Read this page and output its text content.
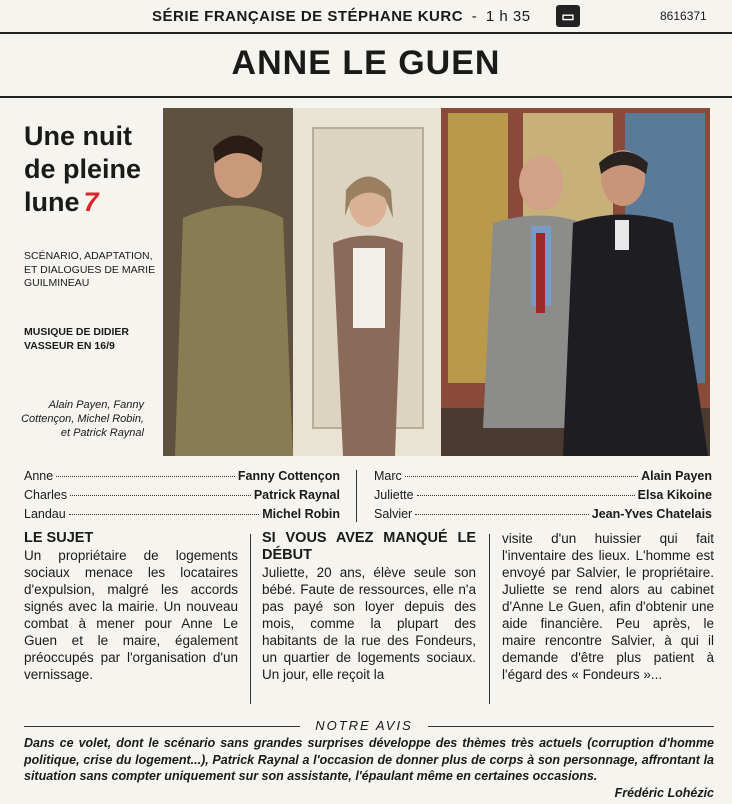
SÉRIE FRANÇAISE DE STÉPHANE KURC - 1 h 35	▭	8616371
ANNE LE GUEN
Une nuit de pleine lune 7
SCÉNARIO, ADAPTATION, ET DIALOGUES DE MARIE GUILMINEAU
MUSIQUE DE DIDIER VASSEUR EN 16/9
Alain Payen, Fanny Cottençon, Michel Robin, et Patrick Raynal
Anne	Fanny Cottençon
Charles	Patrick Raynal
Landau	Michel Robin
Marc	Alain Payen
Juliette	Elsa Kikoine
Salvier	Jean-Yves Chatelais
LE SUJET

Un propriétaire de logements sociaux menace les locataires d'expulsion, malgré les accords signés avec la mairie. Un nouveau combat à mener pour Anne Le Guen et le maire, également préoccupés par l'organisation d'un vernissage.

SI VOUS AVEZ MANQUÉ LE DÉBUT

Juliette, 20 ans, élève seule son bébé. Faute de ressources, elle n'a pas payé son loyer depuis des mois, comme la plupart des habitants de la rue des Fondeurs, un quartier de logements sociaux. Un jour, elle reçoit la

visite d'un huissier qui fait l'inventaire des lieux. L'homme est envoyé par Salvier, le propriétaire. Juliette se rend alors au cabinet d'Anne Le Guen, afin d'obtenir une aide financière. Peu après, le maire rencontre Salvier, à qui il demande d'être plus patient à l'égard des « Fondeurs »...

NOTRE AVIS
Dans ce volet, dont le scénario sans grandes surprises développe des thèmes très actuels (corruption d'homme politique, crise du logement...), Patrick Raynal a l'occasion de donner plus de corps à son personnage, affrontant la situation sans compter uniquement sur son assistante, l'épaulant même en certaines occasions.
Frédéric Lohézic
